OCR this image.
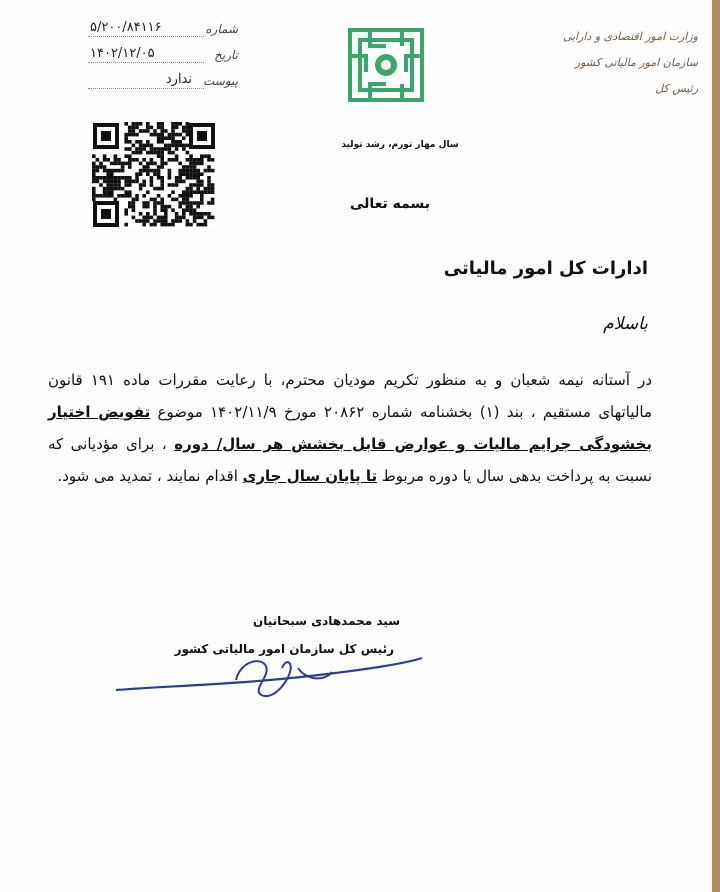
شماره
۵/۲۰۰/۸۴۱۱۶
تاریخ
۱۴۰۲/۱۲/۰۵
پیوست
ندارد
سال مهار تورم، رشد تولید
وزارت امور اقتصادی و دارایی
سازمان امور مالیاتی کشور
رئیس کل
بسمه تعالی
ادارات کل امور مالیاتی
باسلام
در آستانه نیمه شعبان و به منظور تکریم مودیان محترم، با رعایت مقررات ماده ۱۹۱ قانون مالیاتهای مستقیم ، بند (۱) بخشنامه شماره ۲۰۸۶۲ مورخ ۱۴۰۲/۱۱/۹ موضوع تفویض اختیار بخشودگی جرایم مالیات و عوارض قابل بخشش هر سال/ دوره ، برای مؤدیانی که نسبت به پرداخت بدهی سال یا دوره مربوط تا پایان سال جاری اقدام نمایند ، تمدید می شود.
سید محمدهادی سبحانیان
رئیس کل سازمان امور مالیاتی کشور
